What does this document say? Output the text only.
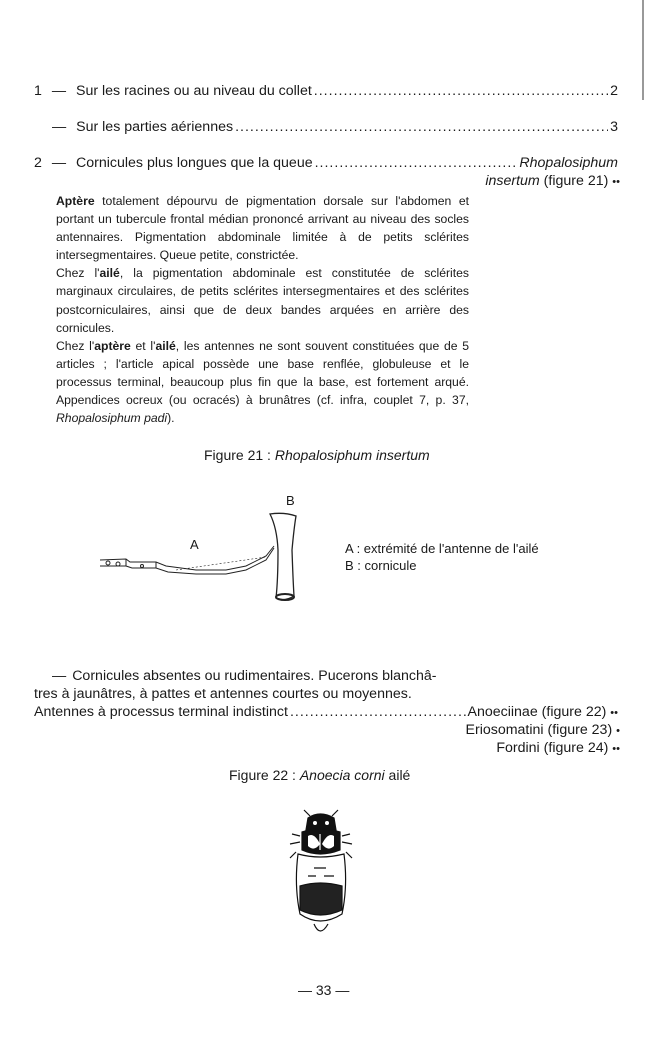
1 — Sur les racines ou au niveau du collet .....	2
— Sur les parties aériennes .....	3
2 — Cornicules plus longues que la queue .....	Rhopalosiphum
insertum (figure 21) ••

Aptère totalement dépourvu de pigmentation dorsale sur l'abdomen et portant un tubercule frontal médian prononcé arrivant au niveau des socles antennaires. Pigmentation abdominale limitée à de petits sclérites intersegmentaires. Queue petite, constrictée.

Chez l'ailé, la pigmentation abdominale est constitutée de sclérites marginaux circulaires, de petits sclérites intersegmentaires et des sclérites postcorniculaires, ainsi que de deux bandes arquées en arrière des cornicules.

Chez l'aptère et l'ailé, les antennes ne sont souvent constituées que de 5 articles ; l'article apical possède une base renflée, globuleuse et le processus terminal, beaucoup plus fin que la base, est fortement arqué. Appendices ocreux (ou ocracés) à brunâtres (cf. infra, couplet 7, p. 37, Rhopalosiphum padi).

Figure 21 : Rhopalosiphum insertum
B
A	A : extrémité de l'antenne de l'ailé
B : cornicule
— Cornicules absentes ou rudimentaires. Pucerons blanchâ-
tres à jaunâtres, à pattes et antennes courtes ou moyennes.
Antennes à processus terminal indistinct .....	Anoeciinae (figure 22) ••
Eriosomatini (figure 23) •
Fordini (figure 24) ••
Figure 22 : Anoecia corni ailé
— 33 —
